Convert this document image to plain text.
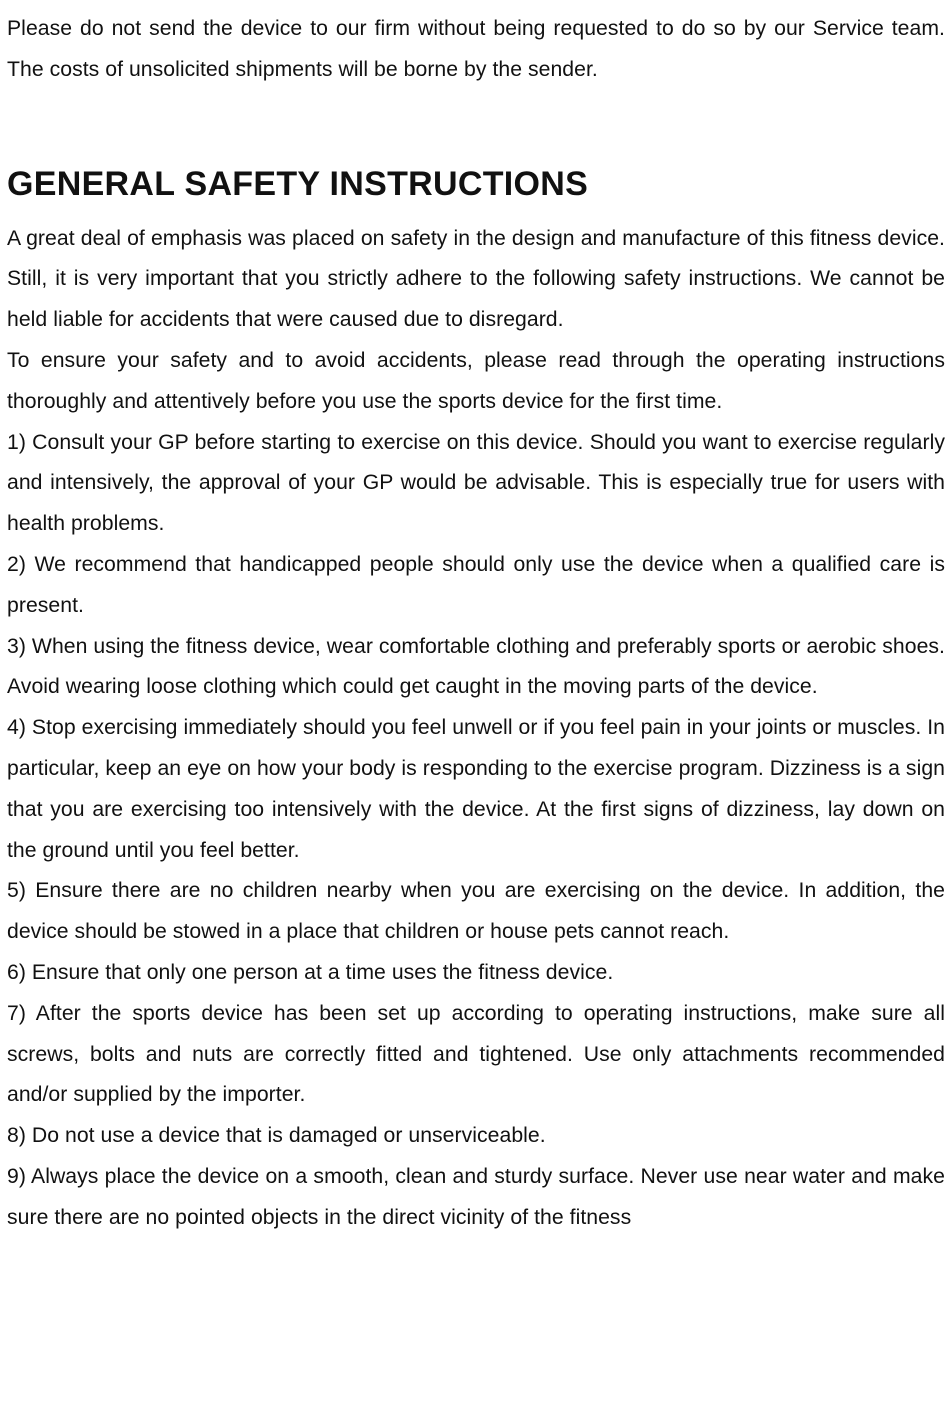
Please do not send the device to our firm without being requested to do so by our Service team. The costs of unsolicited shipments will be borne by the sender.

GENERAL SAFETY INSTRUCTIONS

A great deal of emphasis was placed on safety in the design and manufacture of this fitness device. Still, it is very important that you strictly adhere to the following safety instructions. We cannot be held liable for accidents that were caused due to disregard.

To ensure your safety and to avoid accidents, please read through the operating instructions thoroughly and attentively before you use the sports device for the first time.

1) Consult your GP before starting to exercise on this device. Should you want to exercise regularly and intensively, the approval of your GP would be advisable. This is especially true for users with health problems.

2) We recommend that handicapped people should only use the device when a qualified care is present.

3) When using the fitness device, wear comfortable clothing and preferably sports or aerobic shoes. Avoid wearing loose clothing which could get caught in the moving parts of the device.

4) Stop exercising immediately should you feel unwell or if you feel pain in your joints or muscles. In particular, keep an eye on how your body is responding to the exercise program. Dizziness is a sign that you are exercising too intensively with the device. At the first signs of dizziness, lay down on the ground until you feel better.

5) Ensure there are no children nearby when you are exercising on the device. In addition, the device should be stowed in a place that children or house pets cannot reach.

6) Ensure that only one person at a time uses the fitness device.

7) After the sports device has been set up according to operating instructions, make sure all screws, bolts and nuts are correctly fitted and tightened. Use only attachments recommended and/or supplied by the importer.

8) Do not use a device that is damaged or unserviceable.

9) Always place the device on a smooth, clean and sturdy surface. Never use near water and make sure there are no pointed objects in the direct vicinity of the fitness
